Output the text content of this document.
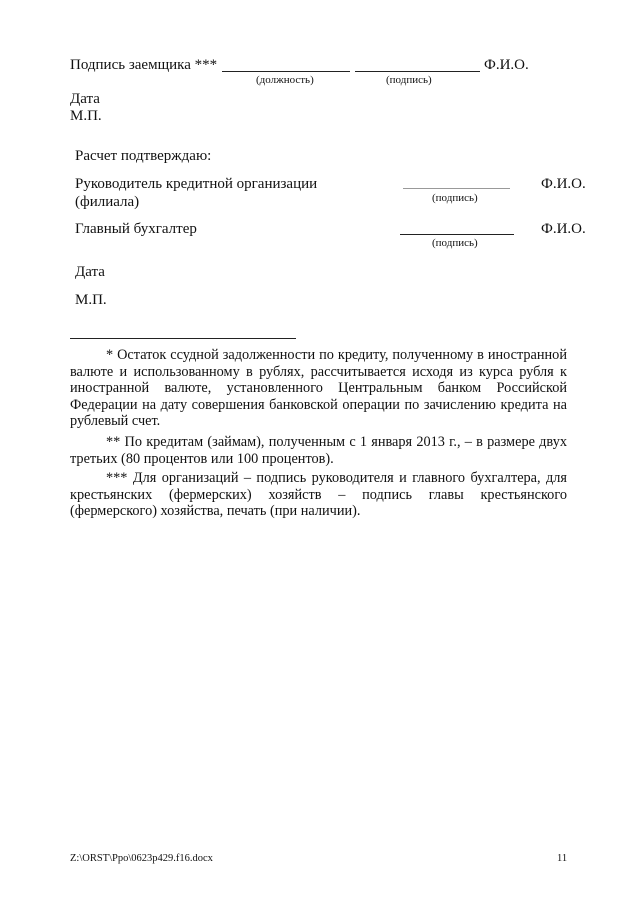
Подпись заемщика ***	Ф.И.О.
(должность)	(подпись)
Дата
М.П.
Расчет подтверждаю:
Руководитель кредитной организации
(филиала)	(подпись)
Ф.И.О.
Главный бухгалтер
(подпись)
Ф.И.О.
Дата
М.П.
* Остаток ссудной задолженности по кредиту, полученному в иностранной валюте и использованному в рублях, рассчитывается исходя из курса рубля к иностранной валюте, установленного Центральным банком Российской Федерации на дату совершения банковской операции по зачислению кредита на рублевый счет.
** По кредитам (займам), полученным с 1 января 2013 г., – в размере двух третьих (80 процентов или 100 процентов).
*** Для организаций – подпись руководителя и главного бухгалтера, для крестьянских (фермерских) хозяйств – подпись главы крестьянского (фермерского) хозяйства, печать (при наличии).
Z:\ORST\Ppo\0623p429.f16.docx	11
